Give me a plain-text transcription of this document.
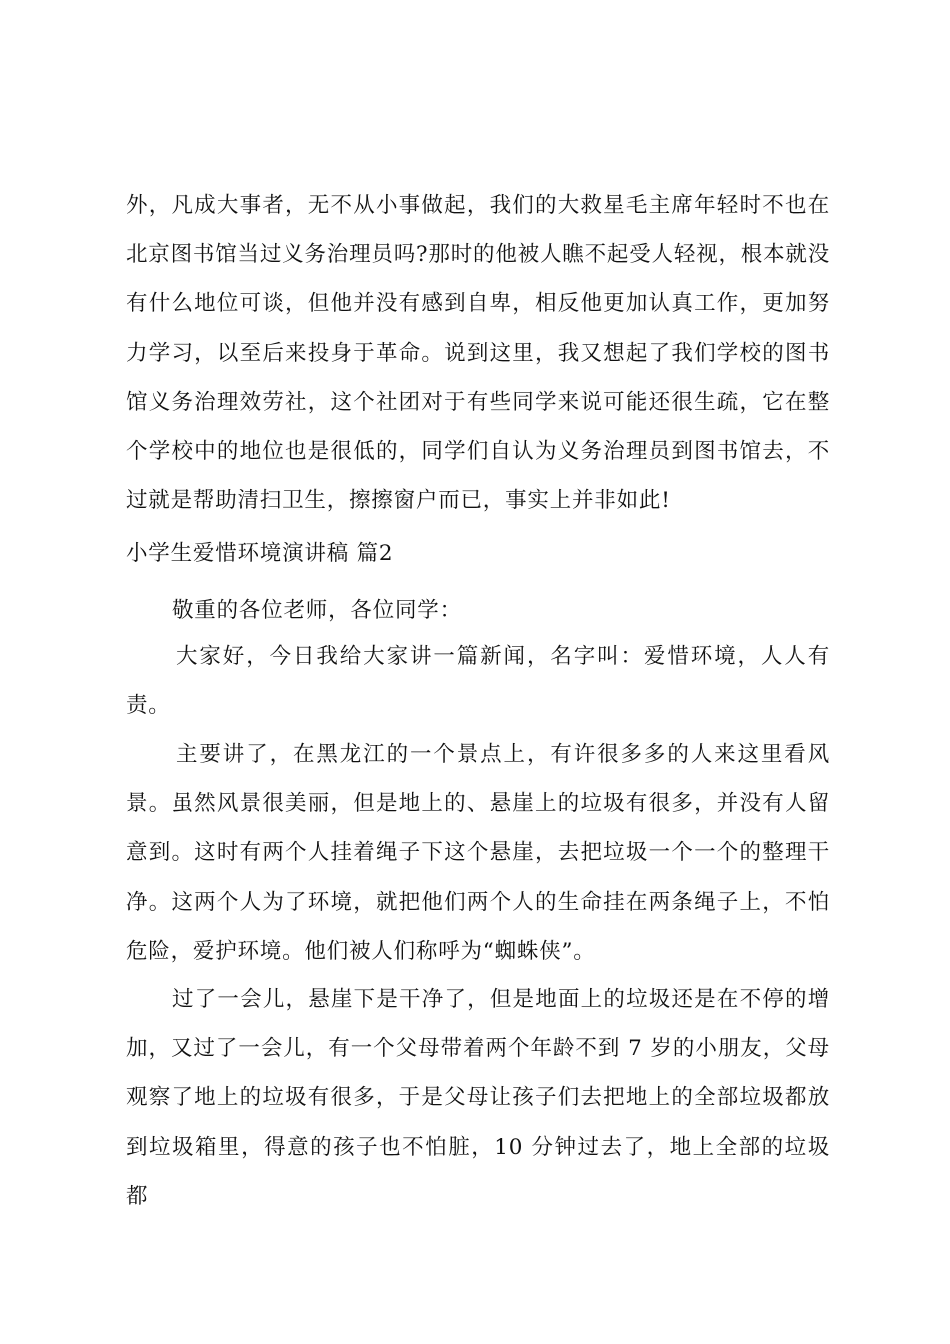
外，凡成大事者，无不从小事做起，我们的大救星毛主席年轻时不也在北京图书馆当过义务治理员吗?那时的他被人瞧不起受人轻视，根本就没有什么地位可谈，但他并没有感到自卑，相反他更加认真工作，更加努力学习，以至后来投身于革命。说到这里，我又想起了我们学校的图书馆义务治理效劳社，这个社团对于有些同学来说可能还很生疏，它在整个学校中的地位也是很低的，同学们自认为义务治理员到图书馆去，不过就是帮助清扫卫生，擦擦窗户而已，事实上并非如此!
小学生爱惜环境演讲稿 篇2
敬重的各位老师，各位同学：
大家好，今日我给大家讲一篇新闻，名字叫：爱惜环境，人人有责。
主要讲了，在黑龙江的一个景点上，有许很多多的人来这里看风景。虽然风景很美丽，但是地上的、悬崖上的垃圾有很多，并没有人留意到。这时有两个人挂着绳子下这个悬崖，去把垃圾一个一个的整理干净。这两个人为了环境，就把他们两个人的生命挂在两条绳子上，不怕危险，爱护环境。他们被人们称呼为“蜘蛛侠”。
过了一会儿，悬崖下是干净了，但是地面上的垃圾还是在不停的增加，又过了一会儿，有一个父母带着两个年龄不到 7 岁的小朋友，父母观察了地上的垃圾有很多，于是父母让孩子们去把地上的全部垃圾都放到垃圾箱里，得意的孩子也不怕脏，10 分钟过去了，地上全部的垃圾都
